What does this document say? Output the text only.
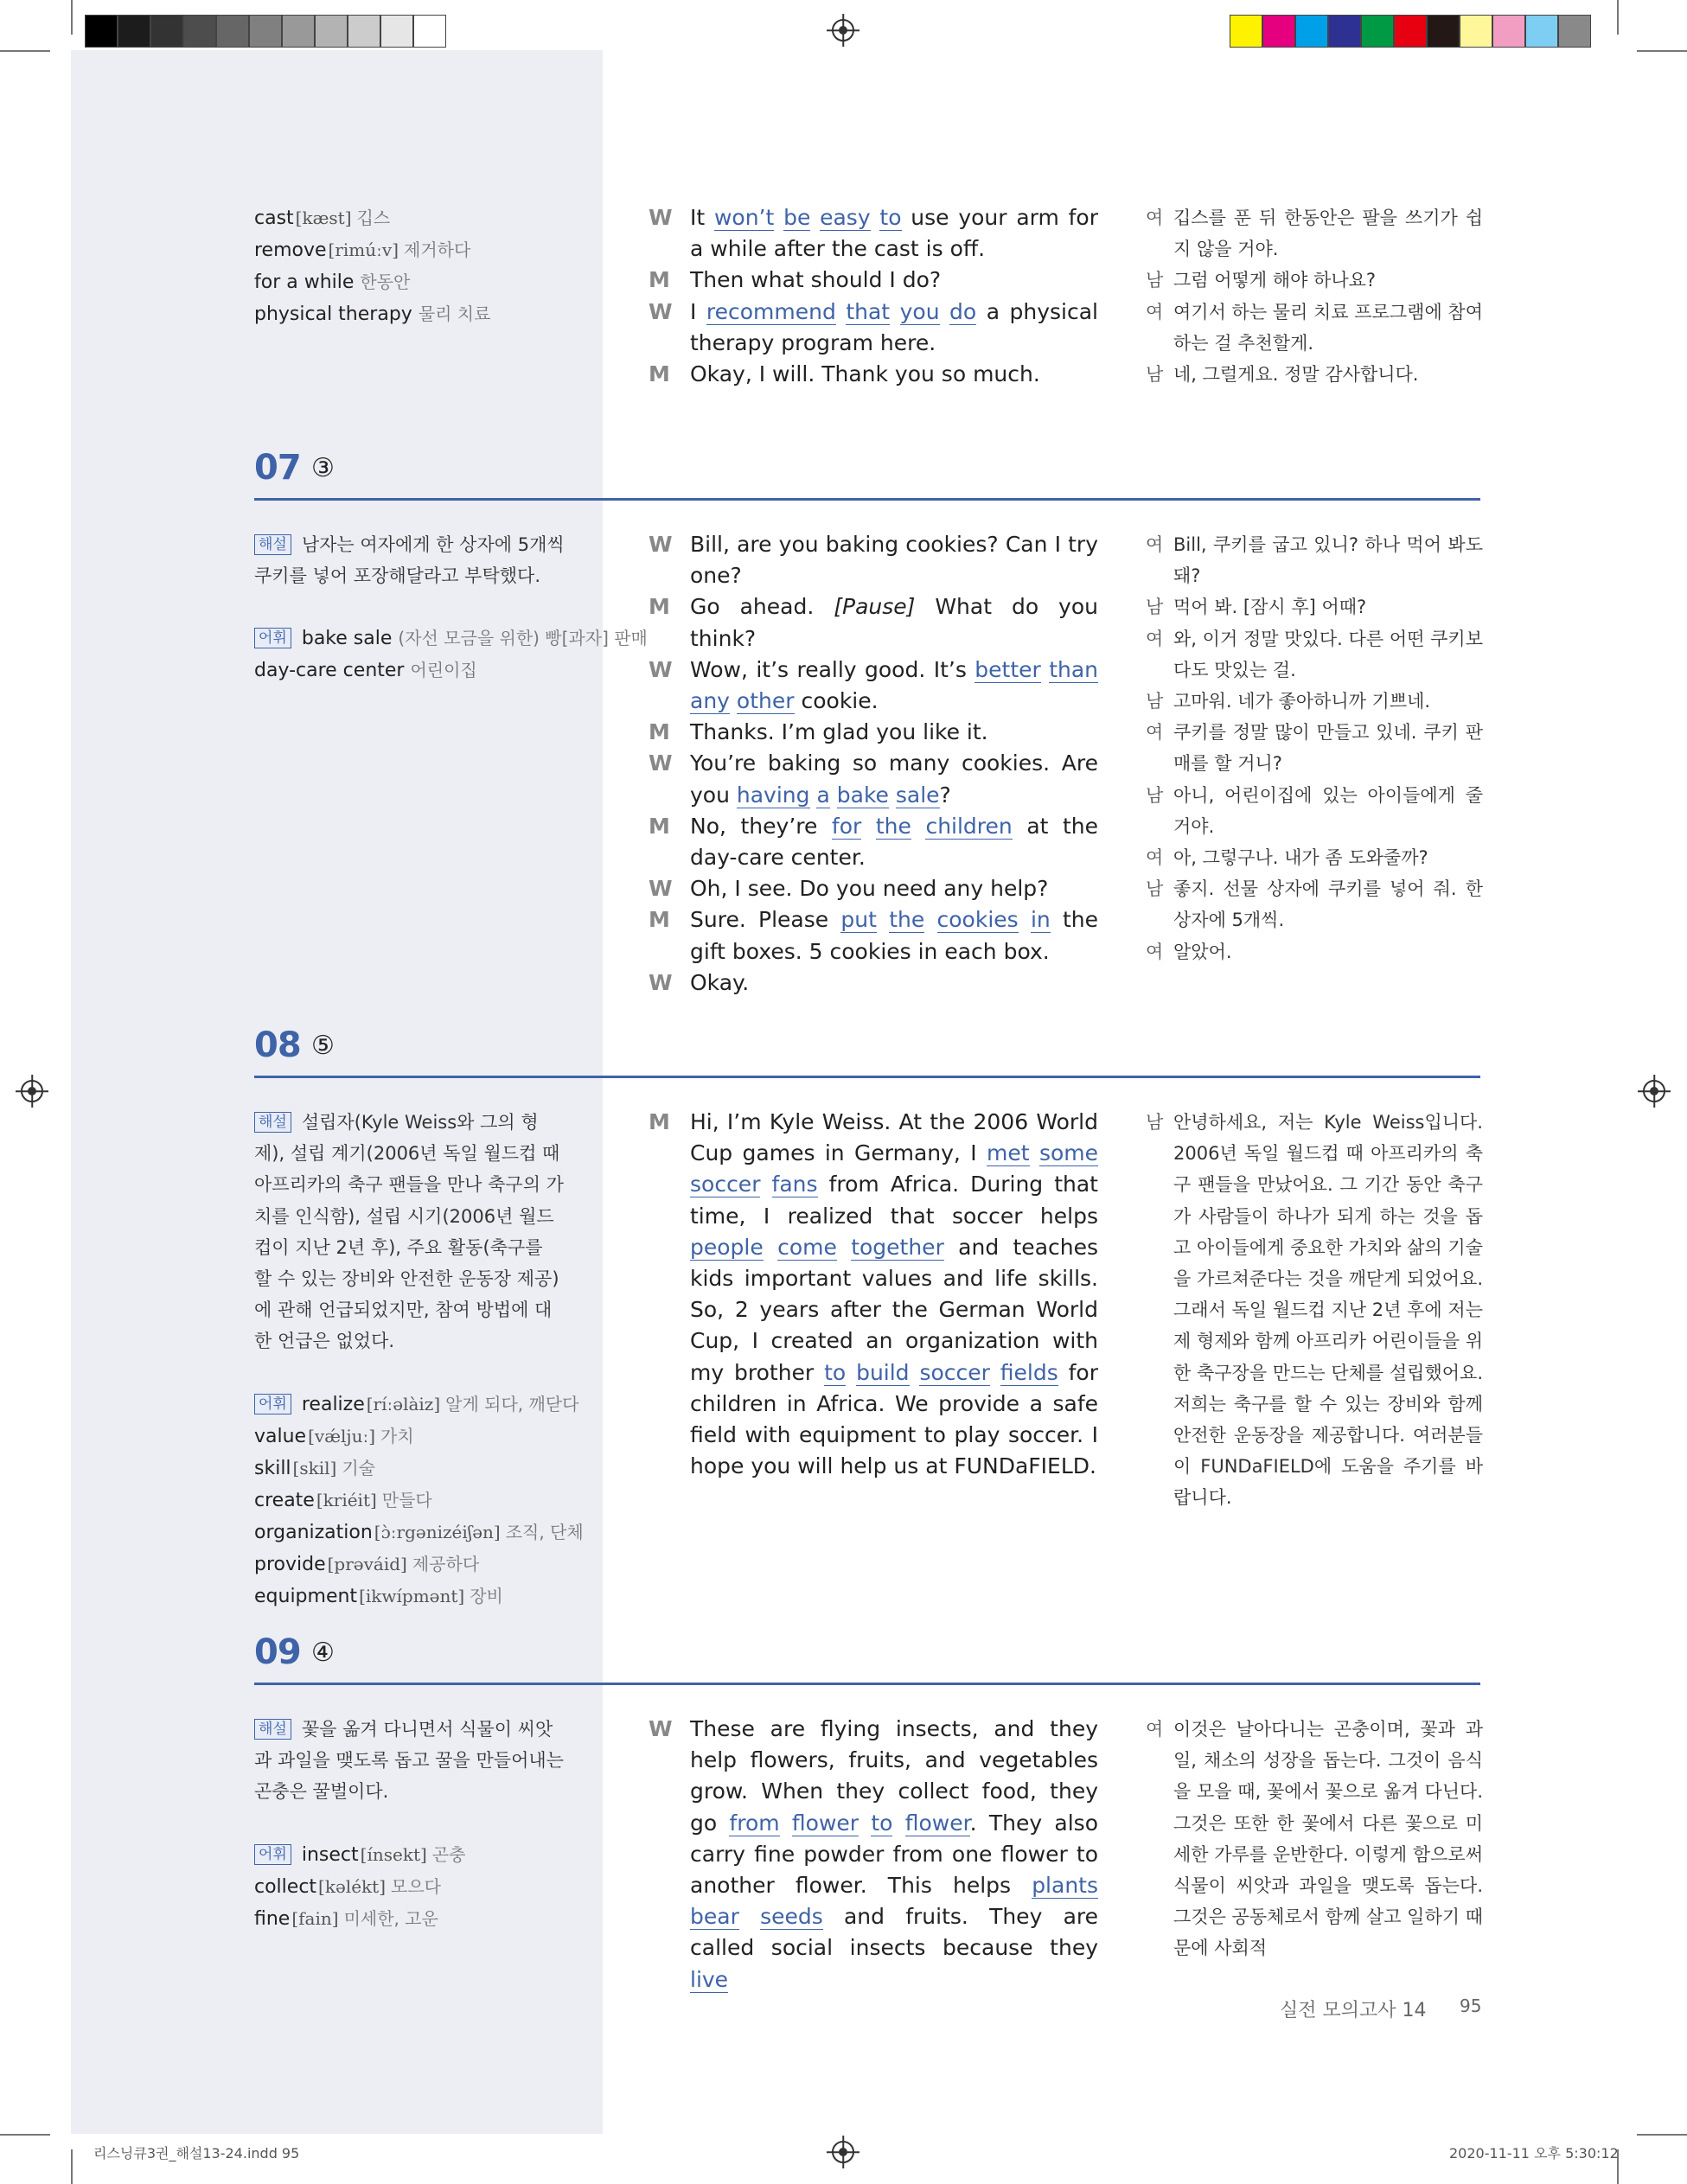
cast [kæst] 깁스
remove [rimúːv] 제거하다
for a while 한동안
physical therapy 물리 치료
W It won’t be easy to use your arm for a while after the cast is off.
M Then what should I do?
W I recommend that you do a physical therapy program here.
M Okay, I will. Thank you so much.
여 깁스를 푼 뒤 한동안은 팔을 쓰기가 쉽지 않을 거야.
남 그럼 어떻게 해야 하나요?
여 여기서 하는 물리 치료 프로그램에 참여하는 걸 추천할게.
남 네, 그럴게요. 정말 감사합니다.
07 ③
해설 남자는 여자에게 한 상자에 5개씩 쿠키를 넣어 포장해달라고 부탁했다.
어휘 bake sale (자선 모금을 위한) 빵[과자] 판매
day-care center 어린이집
W Bill, are you baking cookies? Can I try one?
M Go ahead. [Pause] What do you think?
W Wow, it’s really good. It’s better than any other cookie.
M Thanks. I’m glad you like it.
W You’re baking so many cookies. Are you having a bake sale?
M No, they’re for the children at the day-care center.
W Oh, I see. Do you need any help?
M Sure. Please put the cookies in the gift boxes. 5 cookies in each box.
W Okay.
여 Bill, 쿠키를 굽고 있니? 하나 먹어 봐도 돼?
남 먹어 봐. [잠시 후] 어때?
여 와, 이거 정말 맛있다. 다른 어떤 쿠키보다도 맛있는 걸.
남 고마워. 네가 좋아하니까 기쁘네.
여 쿠키를 정말 많이 만들고 있네. 쿠키 판매를 할 거니?
남 아니, 어린이집에 있는 아이들에게 줄 거야.
여 아, 그렇구나. 내가 좀 도와줄까?
남 좋지. 선물 상자에 쿠키를 넣어 줘. 한 상자에 5개씩.
여 알았어.
08 ⑤
해설 설립자(Kyle Weiss와 그의 형제), 설립 계기(2006년 독일 월드컵 때 아프리카의 축구 팬들을 만나 축구의 가치를 인식함), 설립 시기(2006년 월드컵이 지난 2년 후), 주요 활동(축구를 할 수 있는 장비와 안전한 운동장 제공)에 관해 언급되었지만, 참여 방법에 대한 언급은 없었다.
어휘 realize [ríːəlàiz] 알게 되다, 깨닫다
value [vǽljuː] 가치
skill [skil] 기술
create [kriéit] 만들다
organization [ɔ̀ːrgənizéiʃən] 조직, 단체
provide [prəváid] 제공하다
equipment [ikwípmənt] 장비
M Hi, I’m Kyle Weiss. At the 2006 World Cup games in Germany, I met some soccer fans from Africa. During that time, I realized that soccer helps people come together and teaches kids important values and life skills. So, 2 years after the German World Cup, I created an organization with my brother to build soccer fields for children in Africa. We provide a safe field with equipment to play soccer. I hope you will help us at FUNDaFIELD.
남 안녕하세요, 저는 Kyle Weiss입니다. 2006년 독일 월드컵 때 아프리카의 축구 팬들을 만났어요. 그 기간 동안 축구가 사람들이 하나가 되게 하는 것을 돕고 아이들에게 중요한 가치와 삶의 기술을 가르쳐준다는 것을 깨닫게 되었어요. 그래서 독일 월드컵 지난 2년 후에 저는 제 형제와 함께 아프리카 어린이들을 위한 축구장을 만드는 단체를 설립했어요. 저희는 축구를 할 수 있는 장비와 함께 안전한 운동장을 제공합니다. 여러분들이 FUNDaFIELD에 도움을 주기를 바랍니다.
09 ④
해설 꽃을 옮겨 다니면서 식물이 씨앗과 과일을 맺도록 돕고 꿀을 만들어내는 곤충은 꿀벌이다.
어휘 insect [ínsekt] 곤충
collect [kəlékt] 모으다
fine [fain] 미세한, 고운
W These are flying insects, and they help flowers, fruits, and vegetables grow. When they collect food, they go from flower to flower. They also carry fine powder from one flower to another flower. This helps plants bear seeds and fruits. They are called social insects because they live
여 이것은 날아다니는 곤충이며, 꽃과 과일, 채소의 성장을 돕는다. 그것이 음식을 모을 때, 꽃에서 꽃으로 옮겨 다닌다. 그것은 또한 한 꽃에서 다른 꽃으로 미세한 가루를 운반한다. 이렇게 함으로써 식물이 씨앗과 과일을 맺도록 돕는다. 그것은 공동체로서 함께 살고 일하기 때문에 사회적
실전 모의고사 14 95
리스닝큐3권_해설13-24.indd 95	2020-11-11 오후 5:30:12
